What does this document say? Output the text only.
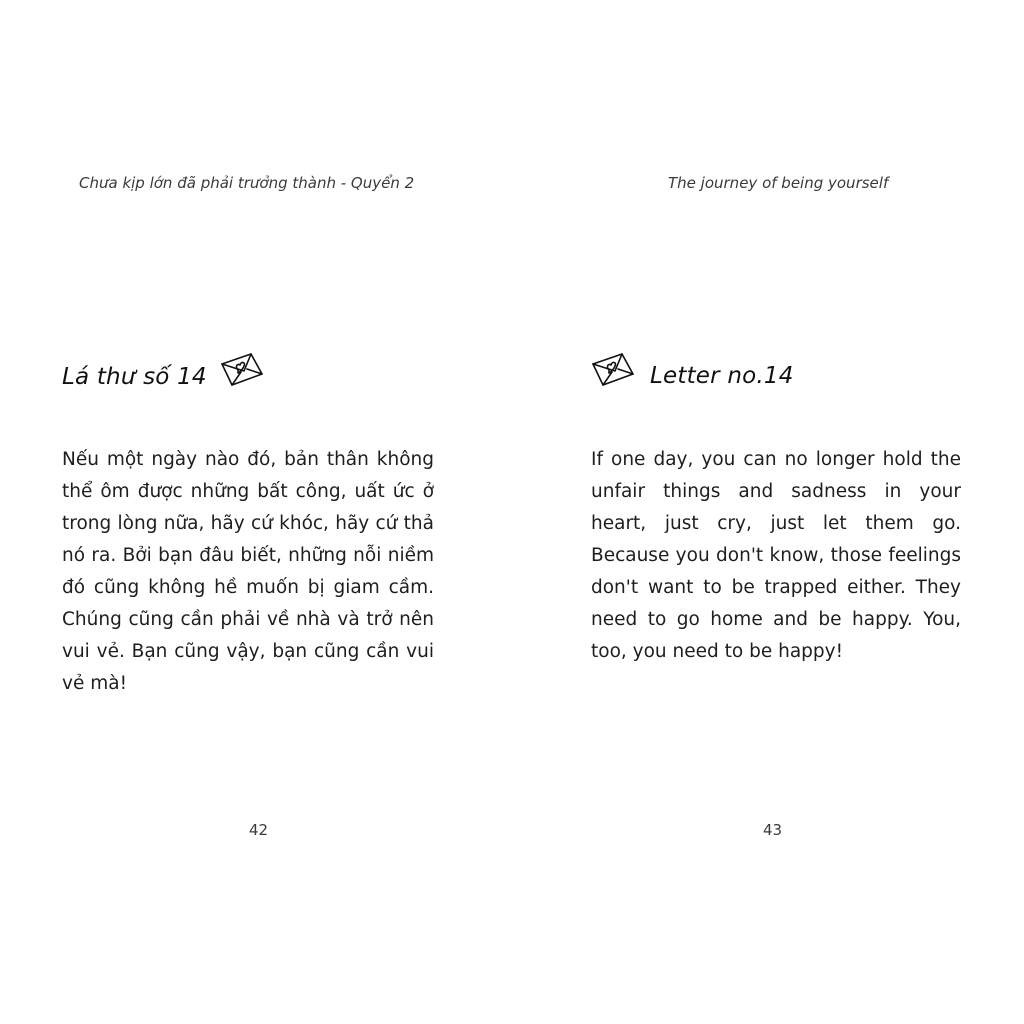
Chưa kịp lớn đã phải trưởng thành - Quyển 2
Lá thư số 14
Nếu một ngày nào đó, bản thân không thể ôm được những bất công, uất ức ở trong lòng nữa, hãy cứ khóc, hãy cứ thả nó ra. Bởi bạn đâu biết, những nỗi niềm đó cũng không hề muốn bị giam cầm. Chúng cũng cần phải về nhà và trở nên vui vẻ. Bạn cũng vậy, bạn cũng cần vui vẻ mà!
42
The journey of being yourself
Letter no.14
If one day, you can no longer hold the unfair things and sadness in your heart, just cry, just let them go. Because you don't know, those feelings don't want to be trapped either. They need to go home and be happy. You, too, you need to be happy!
43
